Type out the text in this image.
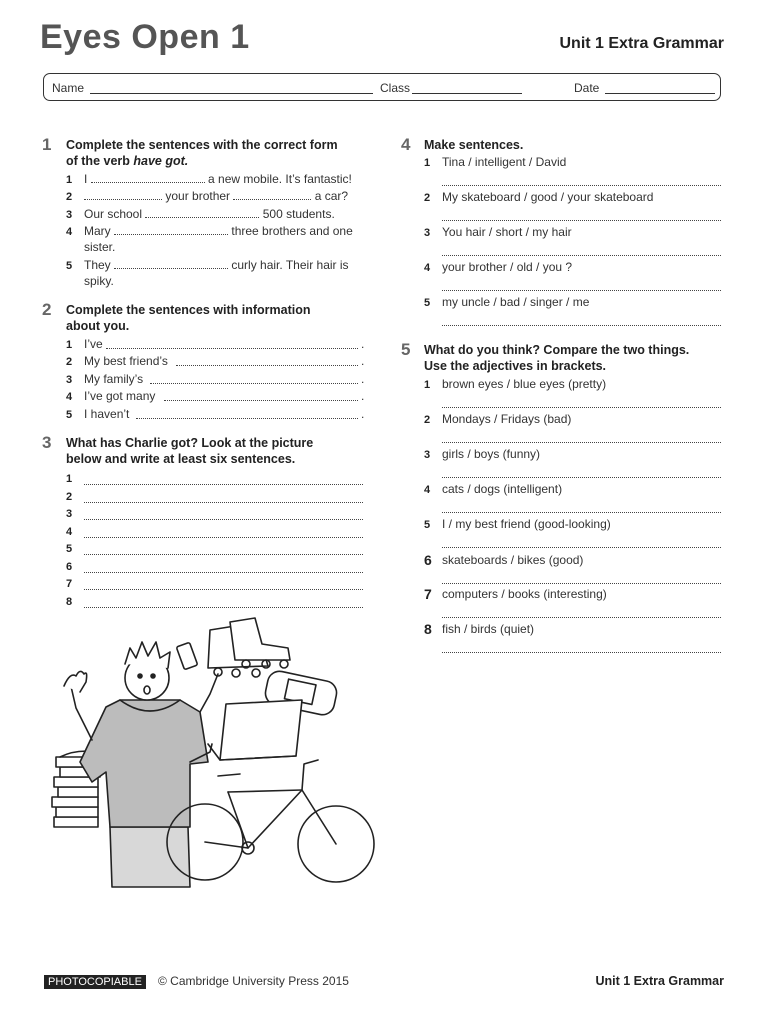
Eyes Open 1	Unit 1 Extra Grammar
Name	Class	Date
1 Complete the sentences with the correct form
of the verb have got.
1 I	a new mobile. It’s fantastic!
2	your brother	a car?
3 Our school	500 students.
4 Mary	three brothers and one
sister.
5 They	curly hair. Their hair is
spiky.
2 Complete the sentences with information
about you.
1 I’ve	.
2 My best friend’s	.
3 My family’s	.
4 I’ve got many	.
5 I haven’t	.
3 What has Charlie got? Look at the picture
below and write at least six sentences.
1
2
3
4
5
6
7
8
4 Make sentences.
1 Tina / intelligent / David
2 My skateboard / good / your skateboard
3 You hair / short / my hair
4 your brother / old / you ?
5 my uncle / bad / singer / me
5 What do you think? Compare the two things.
Use the adjectives in brackets.
1 brown eyes / blue eyes (pretty)
2 Mondays / Fridays (bad)
3 girls / boys (funny)
4 cats / dogs (intelligent)
5 I / my best friend (good-looking)
6 skateboards / bikes (good)
7 computers / books (interesting)
8 fish / birds (quiet)
PHOTOCOPIABLE	© Cambridge University Press 2015	Unit 1 Extra Grammar
